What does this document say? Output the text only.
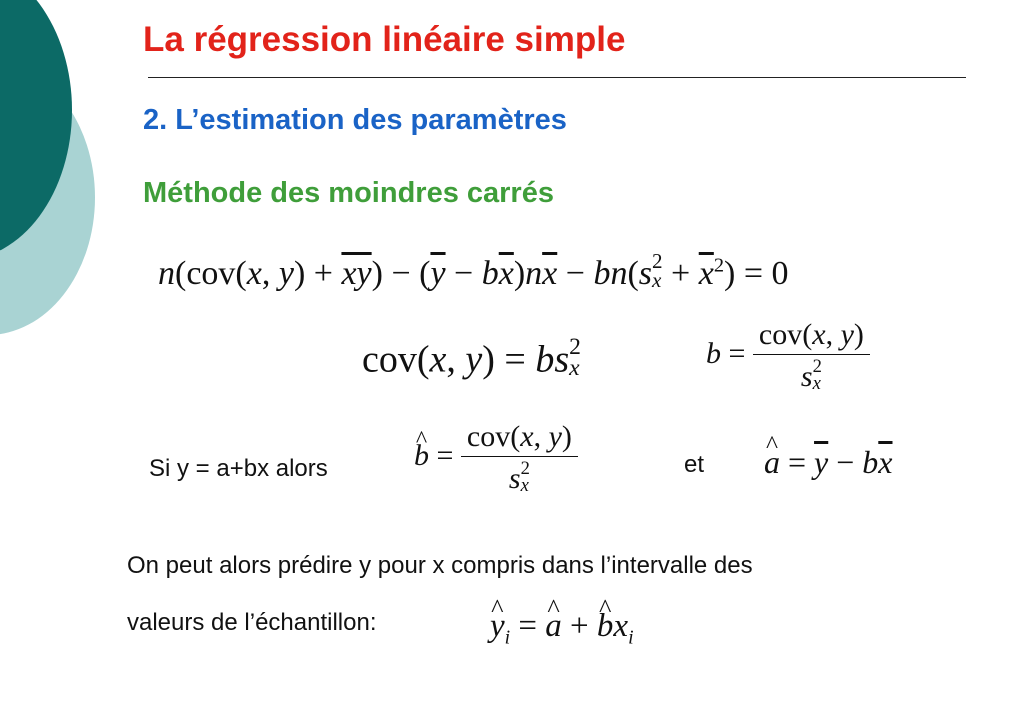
La régression linéaire simple
2. L’estimation des paramètres
Méthode des moindres carrés
n(cov(x, $y) + \overline{xy}) - (\overline{y} - b\overline{x})n\overline{x} - bn(s$ 2
$x + \overline{x}^2) = 0$
cov(x, y) = bs 2
x	b = cov(x, y)
s 2
x
Si y = a+bx alors	^ b = cov(x, y)
s 2
x	et ^ $a = \overline{y} - b\overline{x}$
On peut alors prédire y pour x compris dans l’intervalle des
valeurs de l’échantillon:	^ $y_i$ = ^ a + ^ $bx_i$
